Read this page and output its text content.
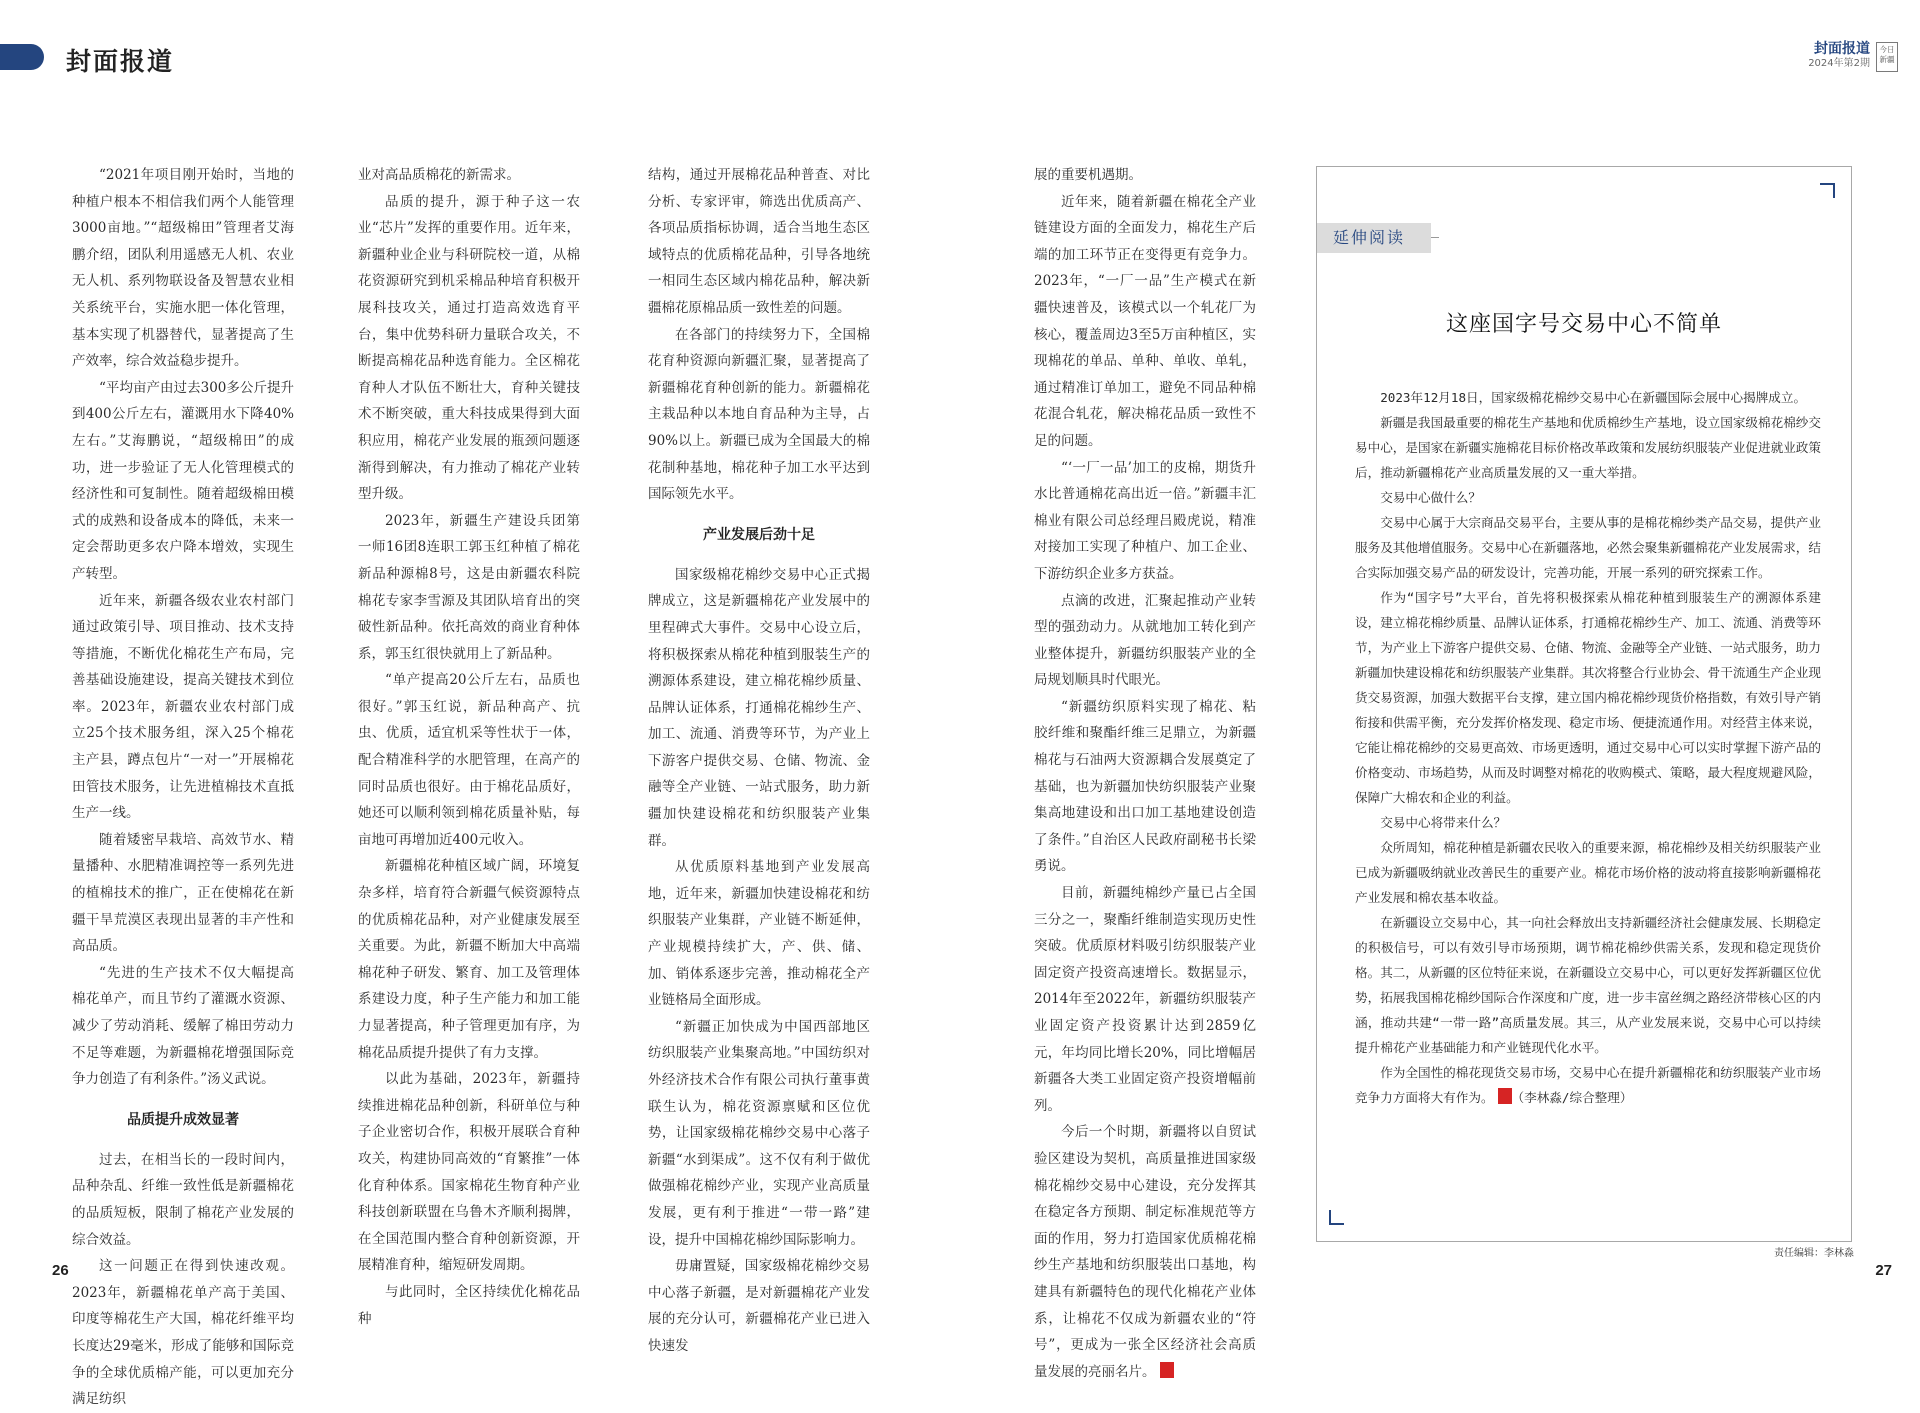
封面报道	封面报道
2024年第2期
今日新疆

“2021年项目刚开始时，当地的种植户根本不相信我们两个人能管理3000亩地。”“超级棉田”管理者艾海鹏介绍，团队利用遥感无人机、农业无人机、系列物联设备及智慧农业相关系统平台，实施水肥一体化管理，基本实现了机器替代，显著提高了生产效率，综合效益稳步提升。

“平均亩产由过去300多公斤提升到400公斤左右，灌溉用水下降40%左右。”艾海鹏说，“超级棉田”的成功，进一步验证了无人化管理模式的经济性和可复制性。随着超级棉田模式的成熟和设备成本的降低，未来一定会帮助更多农户降本增效，实现生产转型。

近年来，新疆各级农业农村部门通过政策引导、项目推动、技术支持等措施，不断优化棉花生产布局，完善基础设施建设，提高关键技术到位率。2023年，新疆农业农村部门成立25个技术服务组，深入25个棉花主产县，蹲点包片“一对一”开展棉花田管技术服务，让先进植棉技术直抵生产一线。

随着矮密早栽培、高效节水、精量播种、水肥精准调控等一系列先进的植棉技术的推广，正在使棉花在新疆干旱荒漠区表现出显著的丰产性和高品质。

“先进的生产技术不仅大幅提高棉花单产，而且节约了灌溉水资源、减少了劳动消耗、缓解了棉田劳动力不足等难题，为新疆棉花增强国际竞争力创造了有利条件。”汤义武说。

品质提升成效显著

过去，在相当长的一段时间内，品种杂乱、纤维一致性低是新疆棉花的品质短板，限制了棉花产业发展的综合效益。

这一问题正在得到快速改观。2023年，新疆棉花单产高于美国、印度等棉花生产大国，棉花纤维平均长度达29毫米，形成了能够和国际竞争的全球优质棉产能，可以更加充分满足纺织

业对高品质棉花的新需求。

品质的提升，源于种子这一农业“芯片”发挥的重要作用。近年来，新疆种业企业与科研院校一道，从棉花资源研究到机采棉品种培育积极开展科技攻关，通过打造高效选育平台，集中优势科研力量联合攻关，不断提高棉花品种选育能力。全区棉花育种人才队伍不断壮大，育种关键技术不断突破，重大科技成果得到大面积应用，棉花产业发展的瓶颈问题逐渐得到解决，有力推动了棉花产业转型升级。

2023年，新疆生产建设兵团第一师16团8连职工郭玉红种植了棉花新品种源棉8号，这是由新疆农科院棉花专家李雪源及其团队培育出的突破性新品种。依托高效的商业育种体系，郭玉红很快就用上了新品种。

“单产提高20公斤左右，品质也很好。”郭玉红说，新品种高产、抗虫、优质，适宜机采等性状于一体，配合精准科学的水肥管理，在高产的同时品质也很好。由于棉花品质好，她还可以顺利领到棉花质量补贴，每亩地可再增加近400元收入。

新疆棉花种植区域广阔，环境复杂多样，培育符合新疆气候资源特点的优质棉花品种，对产业健康发展至关重要。为此，新疆不断加大中高端棉花种子研发、繁育、加工及管理体系建设力度，种子生产能力和加工能力显著提高，种子管理更加有序，为棉花品质提升提供了有力支撑。

以此为基础，2023年，新疆持续推进棉花品种创新，科研单位与种子企业密切合作，积极开展联合育种攻关，构建协同高效的“育繁推”一体化育种体系。国家棉花生物育种产业科技创新联盟在乌鲁木齐顺利揭牌，在全国范围内整合育种创新资源，开展精准育种，缩短研发周期。

与此同时，全区持续优化棉花品种

结构，通过开展棉花品种普查、对比分析、专家评审，筛选出优质高产、各项品质指标协调，适合当地生态区域特点的优质棉花品种，引导各地统一相同生态区域内棉花品种，解决新疆棉花原棉品质一致性差的问题。

在各部门的持续努力下，全国棉花育种资源向新疆汇聚，显著提高了新疆棉花育种创新的能力。新疆棉花主栽品种以本地自育品种为主导，占90%以上。新疆已成为全国最大的棉花制种基地，棉花种子加工水平达到国际领先水平。

产业发展后劲十足

国家级棉花棉纱交易中心正式揭牌成立，这是新疆棉花产业发展中的里程碑式大事件。交易中心设立后，将积极探索从棉花种植到服装生产的溯源体系建设，建立棉花棉纱质量、品牌认证体系，打通棉花棉纱生产、加工、流通、消费等环节，为产业上下游客户提供交易、仓储、物流、金融等全产业链、一站式服务，助力新疆加快建设棉花和纺织服装产业集群。

从优质原料基地到产业发展高地，近年来，新疆加快建设棉花和纺织服装产业集群，产业链不断延伸，产业规模持续扩大，产、供、储、加、销体系逐步完善，推动棉花全产业链格局全面形成。

“新疆正加快成为中国西部地区纺织服装产业集聚高地。”中国纺织对外经济技术合作有限公司执行董事黄联生认为，棉花资源禀赋和区位优势，让国家级棉花棉纱交易中心落子新疆“水到渠成”。这不仅有利于做优做强棉花棉纱产业，实现产业高质量发展，更有利于推进“一带一路”建设，提升中国棉花棉纱国际影响力。

毋庸置疑，国家级棉花棉纱交易中心落子新疆，是对新疆棉花产业发展的充分认可，新疆棉花产业已进入快速发

展的重要机遇期。

近年来，随着新疆在棉花全产业链建设方面的全面发力，棉花生产后端的加工环节正在变得更有竞争力。2023年，“一厂一品”生产模式在新疆快速普及，该模式以一个轧花厂为核心，覆盖周边3至5万亩种植区，实现棉花的单品、单种、单收、单轧，通过精准订单加工，避免不同品种棉花混合轧花，解决棉花品质一致性不足的问题。

“‘一厂一品’加工的皮棉，期货升水比普通棉花高出近一倍。”新疆丰汇棉业有限公司总经理吕殿虎说，精准对接加工实现了种植户、加工企业、下游纺织企业多方获益。

点滴的改进，汇聚起推动产业转型的强劲动力。从就地加工转化到产业整体提升，新疆纺织服装产业的全局规划顺具时代眼光。

“新疆纺织原料实现了棉花、粘胶纤维和聚酯纤维三足鼎立，为新疆棉花与石油两大资源耦合发展奠定了基础，也为新疆加快纺织服装产业聚集高地建设和出口加工基地建设创造了条件。”自治区人民政府副秘书长梁勇说。

目前，新疆纯棉纱产量已占全国三分之一，聚酯纤维制造实现历史性突破。优质原材料吸引纺织服装产业固定资产投资高速增长。数据显示，2014年至2022年，新疆纺织服装产业固定资产投资累计达到2859亿元，年均同比增长20%，同比增幅居新疆各大类工业固定资产投资增幅前列。

今后一个时期，新疆将以自贸试验区建设为契机，高质量推进国家级棉花棉纱交易中心建设，充分发挥其在稳定各方预期、制定标准规范等方面的作用，努力打造国家优质棉花棉纱生产基地和纺织服装出口基地，构建具有新疆特色的现代化棉花产业体系，让棉花不仅成为新疆农业的“符号”，更成为一张全区经济社会高质量发展的亮丽名片。

延伸阅读

这座国字号交易中心不简单

2023年12月18日，国家级棉花棉纱交易中心在新疆国际会展中心揭牌成立。

新疆是我国最重要的棉花生产基地和优质棉纱生产基地，设立国家级棉花棉纱交易中心，是国家在新疆实施棉花目标价格改革政策和发展纺织服装产业促进就业政策后，推动新疆棉花产业高质量发展的又一重大举措。

交易中心做什么？

交易中心属于大宗商品交易平台，主要从事的是棉花棉纱类产品交易，提供产业服务及其他增值服务。交易中心在新疆落地，必然会聚集新疆棉花产业发展需求，结合实际加强交易产品的研发设计，完善功能，开展一系列的研究探索工作。

作为“国字号”大平台，首先将积极探索从棉花种植到服装生产的溯源体系建设，建立棉花棉纱质量、品牌认证体系，打通棉花棉纱生产、加工、流通、消费等环节，为产业上下游客户提供交易、仓储、物流、金融等全产业链、一站式服务，助力新疆加快建设棉花和纺织服装产业集群。其次将整合行业协会、骨干流通生产企业现货交易资源，加强大数据平台支撑，建立国内棉花棉纱现货价格指数，有效引导产销衔接和供需平衡，充分发挥价格发现、稳定市场、便捷流通作用。对经营主体来说，它能让棉花棉纱的交易更高效、市场更透明，通过交易中心可以实时掌握下游产品的价格变动、市场趋势，从而及时调整对棉花的收购模式、策略，最大程度规避风险，保障广大棉农和企业的利益。

交易中心将带来什么？

众所周知，棉花种植是新疆农民收入的重要来源，棉花棉纱及相关纺织服装产业已成为新疆吸纳就业改善民生的重要产业。棉花市场价格的波动将直接影响新疆棉花产业发展和棉农基本收益。

在新疆设立交易中心，其一向社会释放出支持新疆经济社会健康发展、长期稳定的积极信号，可以有效引导市场预期，调节棉花棉纱供需关系，发现和稳定现货价格。其二，从新疆的区位特征来说，在新疆设立交易中心，可以更好发挥新疆区位优势，拓展我国棉花棉纱国际合作深度和广度，进一步丰富丝绸之路经济带核心区的内涵，推动共建“一带一路”高质量发展。其三，从产业发展来说，交易中心可以持续提升棉花产业基础能力和产业链现代化水平。

作为全国性的棉花现货交易市场，交易中心在提升新疆棉花和纺织服装产业市场竞争力方面将大有作为。 （李林淼/综合整理）

26
责任编辑：李林淼
27
